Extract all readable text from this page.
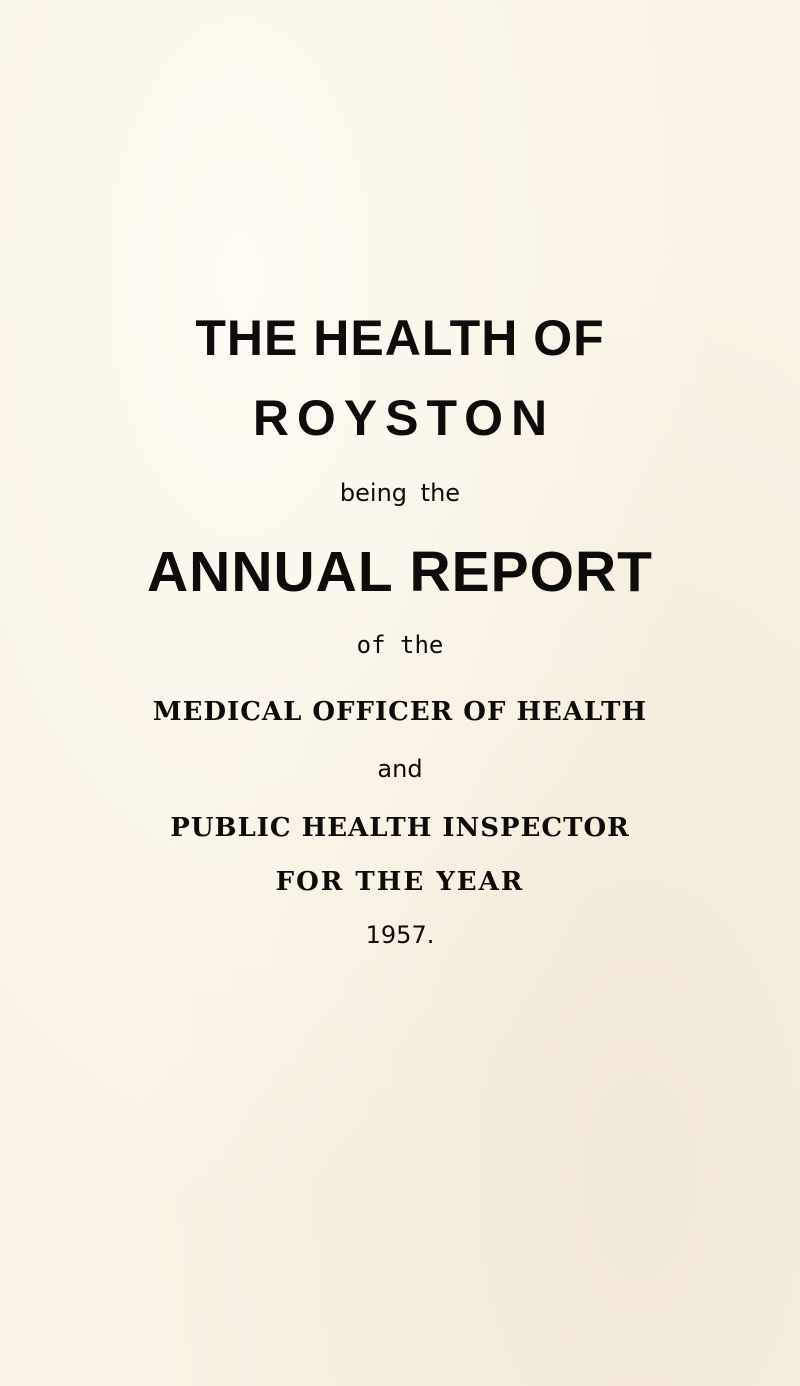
THE HEALTH OF
ROYSTON
being the
ANNUAL REPORT
of the
MEDICAL OFFICER OF HEALTH
and
PUBLIC HEALTH INSPECTOR
FOR THE YEAR
1957.
